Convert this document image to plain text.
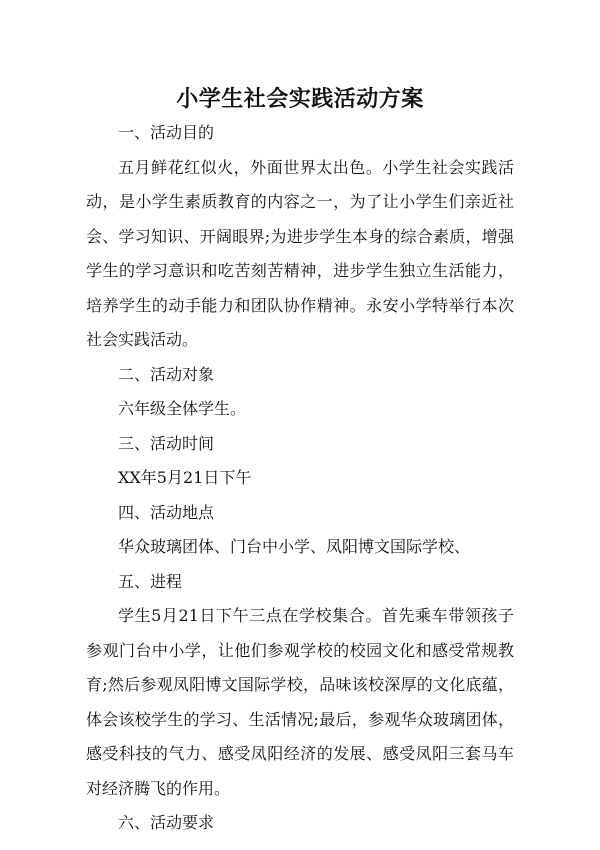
小学生社会实践活动方案

一、活动目的

五月鲜花红似火，外面世界太出色。小学生社会实践活动，是小学生素质教育的内容之一，为了让小学生们亲近社会、学习知识、开阔眼界;为进步学生本身的综合素质，增强学生的学习意识和吃苦刻苦精神，进步学生独立生活能力，培养学生的动手能力和团队协作精神。永安小学特举行本次社会实践活动。

二、活动对象

六年级全体学生。

三、活动时间

XX年5月21日下午

四、活动地点

华众玻璃团体、门台中小学、凤阳博文国际学校、

五、进程

学生5月21日下午三点在学校集合。首先乘车带领孩子参观门台中小学，让他们参观学校的校园文化和感受常规教育;然后参观凤阳博文国际学校，品味该校深厚的文化底蕴，体会该校学生的学习、生活情况;最后，参观华众玻璃团体，感受科技的气力、感受凤阳经济的发展、感受凤阳三套马车对经济腾飞的作用。

六、活动要求
